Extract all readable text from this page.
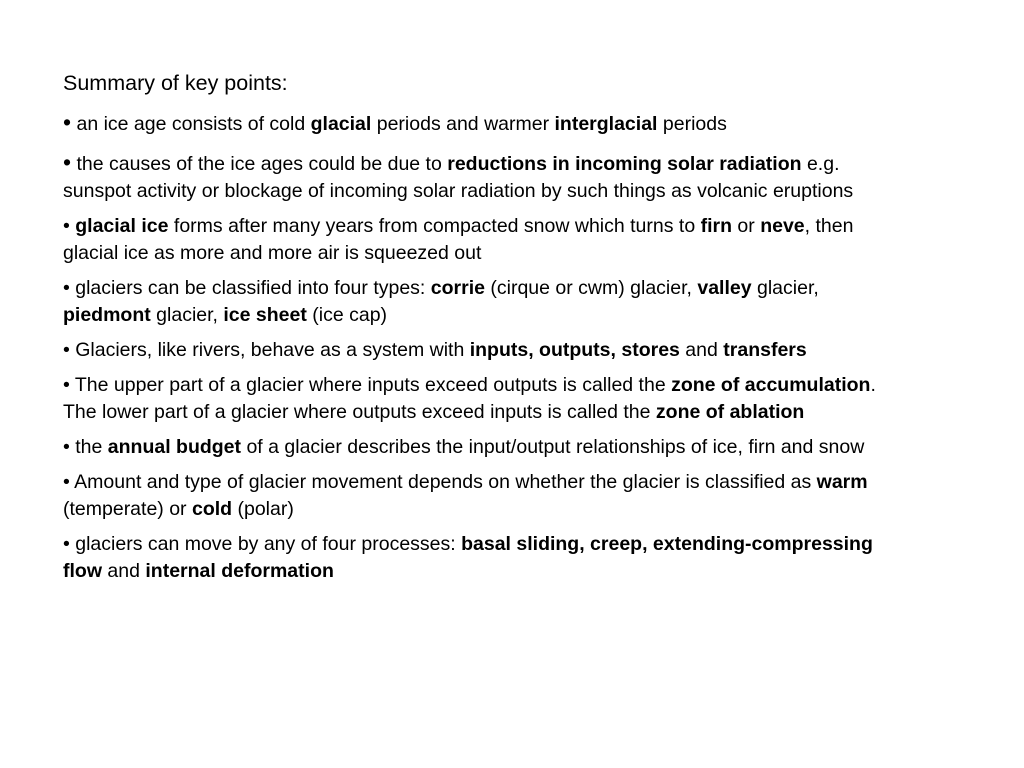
Summary of key points:
• an ice age consists of cold glacial periods and warmer interglacial periods
• the causes of the ice ages could be due to reductions in incoming solar radiation e.g.
sunspot activity or blockage of incoming solar radiation by such things as volcanic eruptions
• glacial ice forms after many years from compacted snow which turns to firn or neve, then
glacial ice as more and more air is squeezed out
• glaciers can be classified into four types: corrie (cirque or cwm) glacier, valley glacier,
piedmont glacier, ice sheet (ice cap)
• Glaciers, like rivers, behave as a system with inputs, outputs, stores and transfers
• The upper part of a glacier where inputs exceed outputs is called the zone of accumulation.
The lower part of a glacier where outputs exceed inputs is called the zone of ablation
• the annual budget of a glacier describes the input/output relationships of ice, firn and snow
• Amount and type of glacier movement depends on whether the glacier is classified as warm
(temperate) or cold (polar)
• glaciers can move by any of four processes: basal sliding, creep, extending-compressing
flow and internal deformation
